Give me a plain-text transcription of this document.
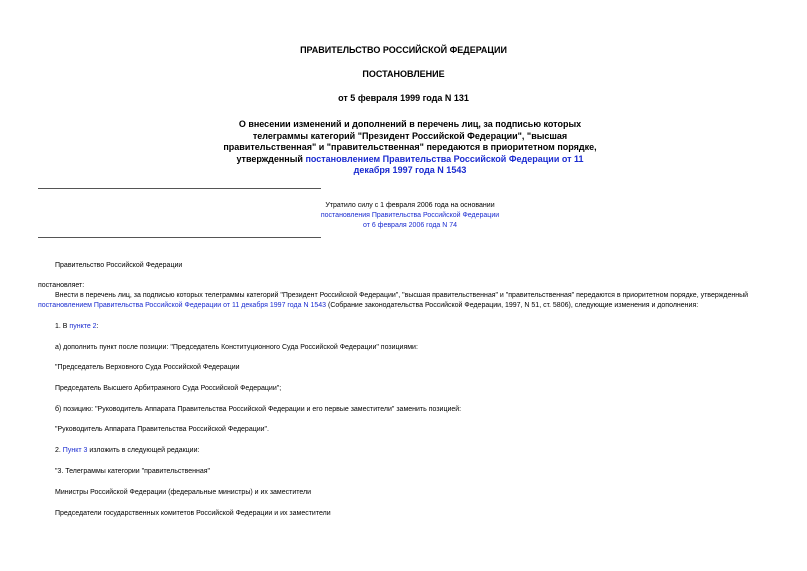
ПРАВИТЕЛЬСТВО РОССИЙСКОЙ ФЕДЕРАЦИИ
ПОСТАНОВЛЕНИЕ
от 5 февраля 1999 года N 131
О внесении изменений и дополнений в перечень лиц, за подписью которых телеграммы категорий "Президент Российской Федерации", "высшая правительственная" и "правительственная" передаются в приоритетном порядке, утвержденный постановлением Правительства Российской Федерации от 11 декабря 1997 года N 1543
Утратило силу с 1 февраля 2006 года на основании
постановления Правительства Российской Федерации
от 6 февраля 2006 года N 74
Правительство Российской Федерации
постановляет:
Внести в перечень лиц, за подписью которых телеграммы категорий "Президент Российской Федерации", "высшая правительственная" и "правительственная" передаются в приоритетном порядке, утвержденный
постановлением Правительства Российской Федерации от 11 декабря 1997 года N 1543 (Собрание законодательства Российской Федерации, 1997, N 51, ст. 5806), следующие изменения и дополнения:
1. В пункте 2:
а) дополнить пункт после позиции: "Председатель Конституционного Суда Российской Федерации" позициями:
"Председатель Верховного Суда Российской Федерации
Председатель Высшего Арбитражного Суда Российской Федерации";
б) позицию: "Руководитель Аппарата Правительства Российской Федерации и его первые заместители" заменить позицией:
"Руководитель Аппарата Правительства Российской Федерации".
2. Пункт 3 изложить в следующей редакции:
"3. Телеграммы категории "правительственная"
Министры Российской Федерации (федеральные министры) и их заместители
Председатели государственных комитетов Российской Федерации и их заместители
